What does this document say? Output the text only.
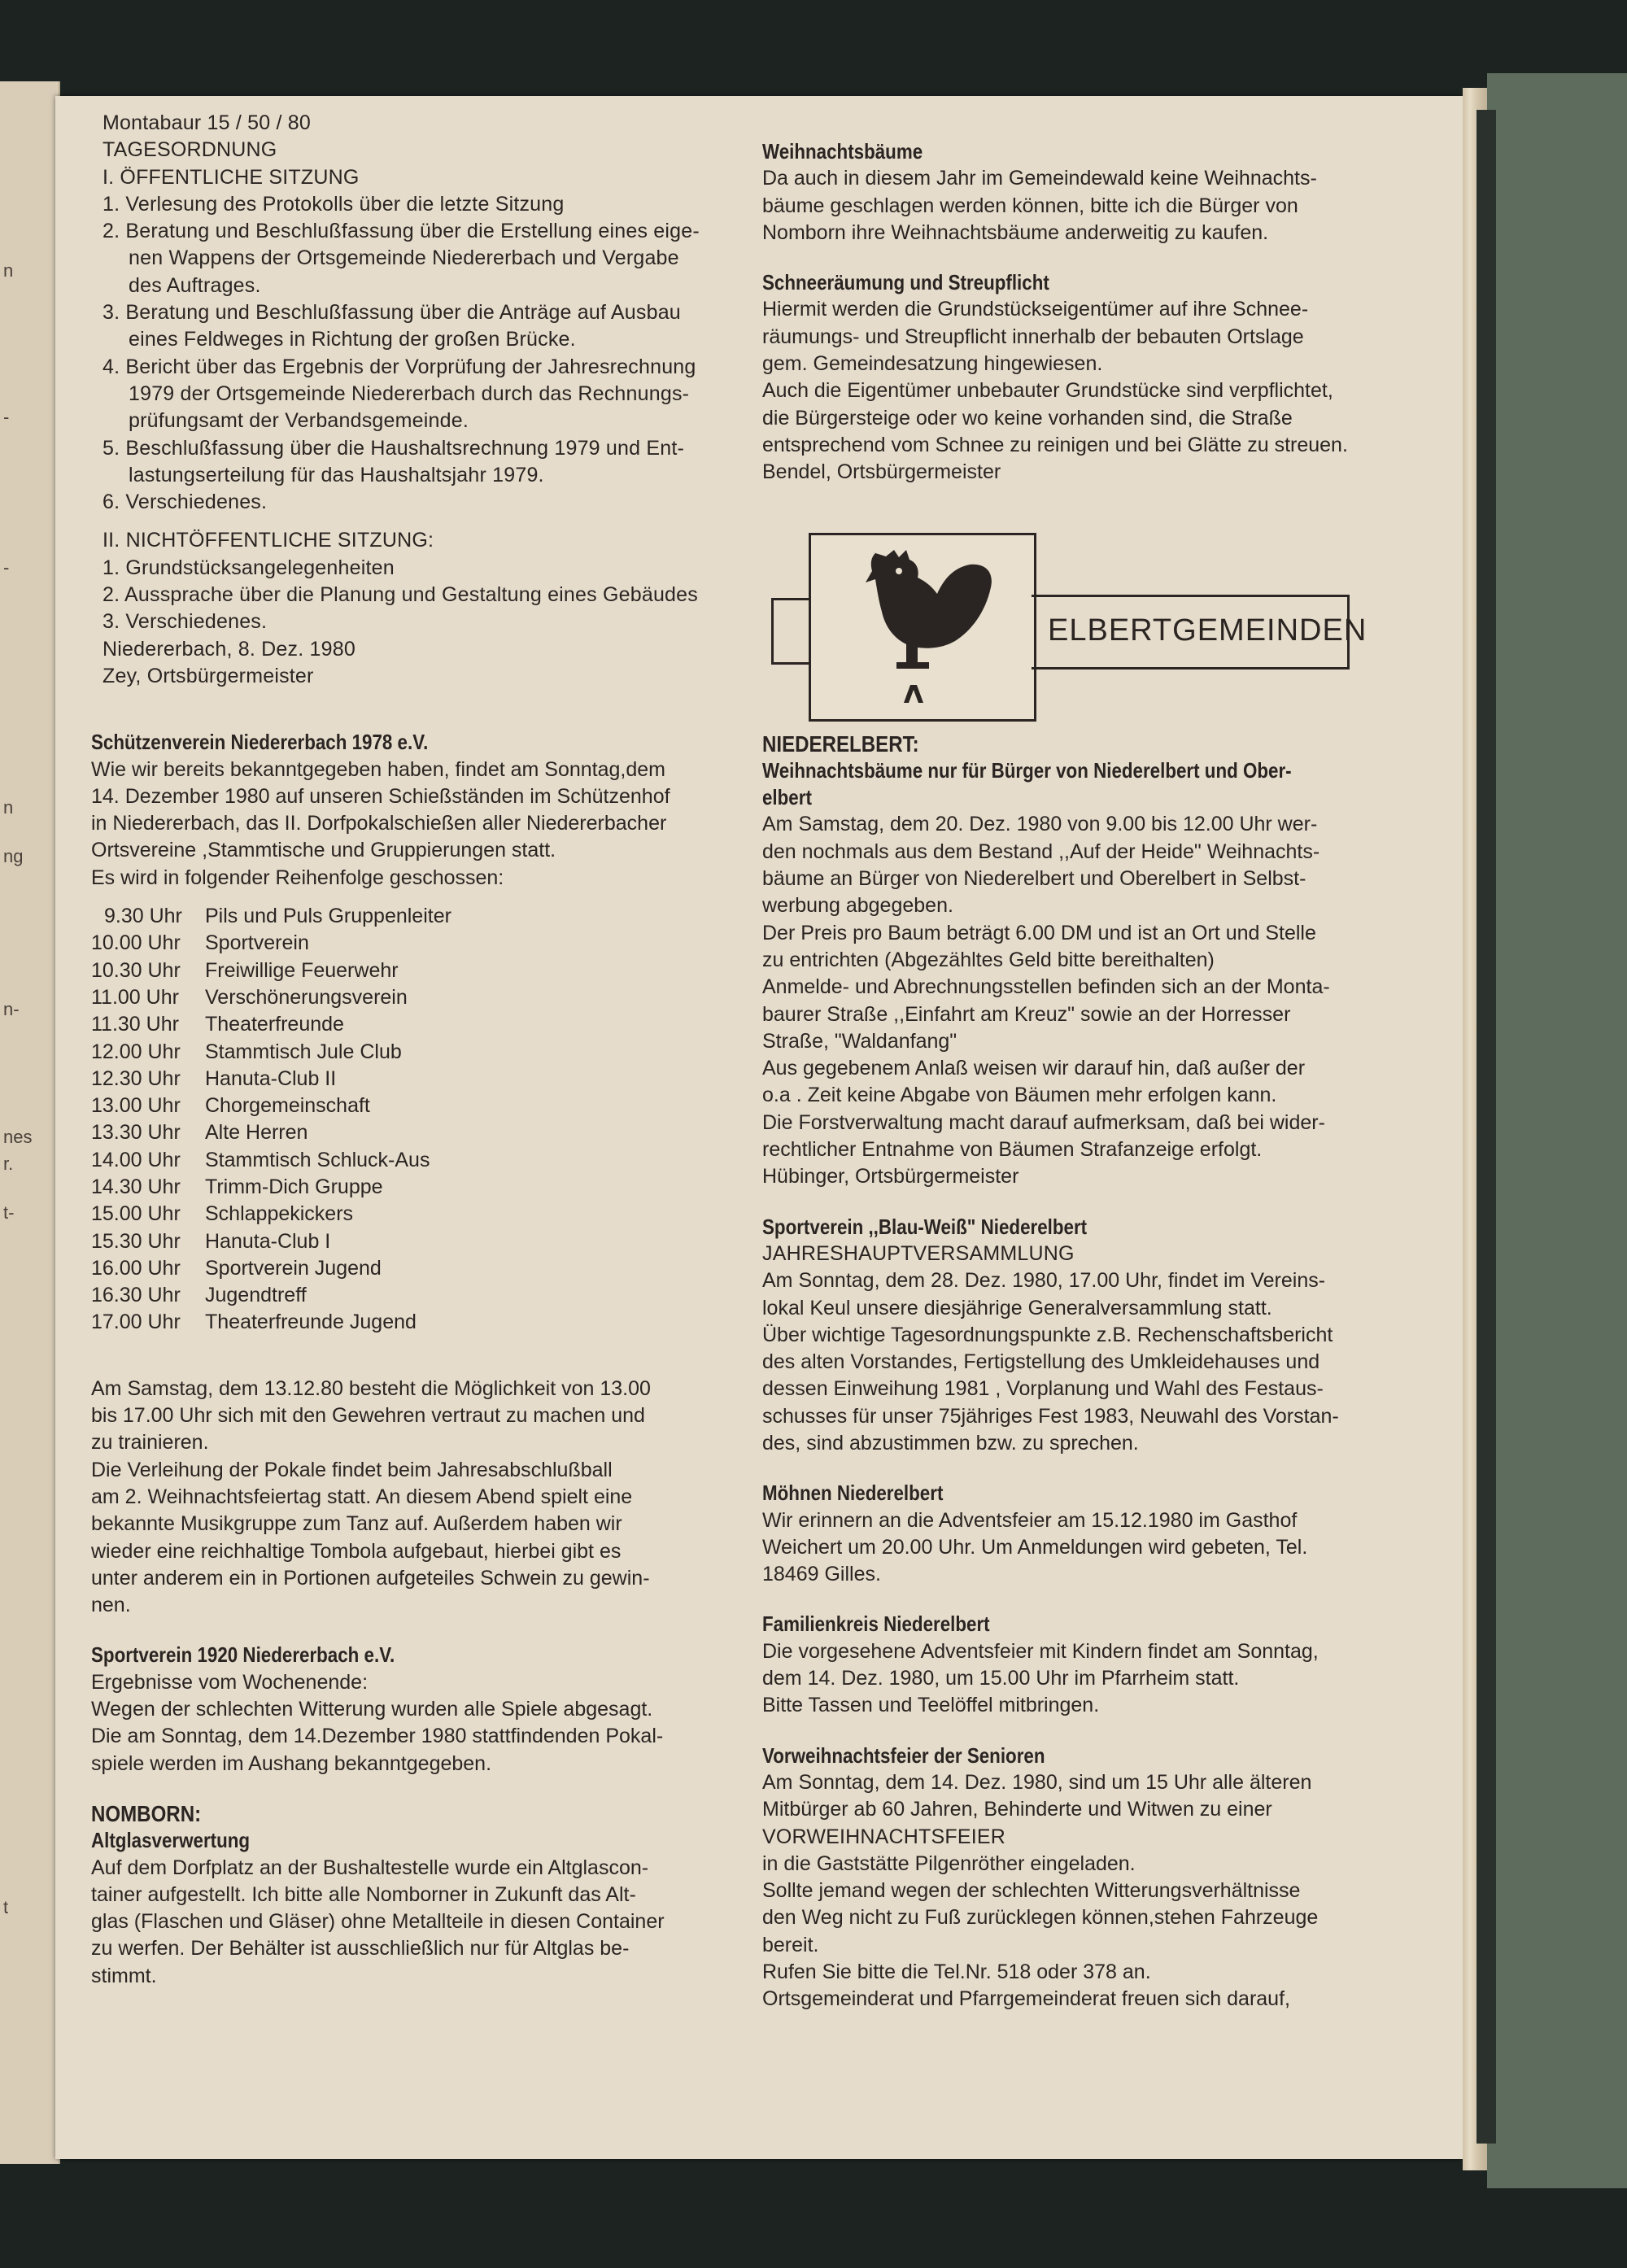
n
-
-
n
ng
n-
nes
r.
t-
t
Montabaur 15 / 50 / 80
TAGESORDNUNG
I. ÖFFENTLICHE SITZUNG
1. Verlesung des Protokolls über die letzte Sitzung
2. Beratung und Beschlußfassung über die Erstellung eines eige-
nen Wappens der Ortsgemeinde Niedererbach und Vergabe
des Auftrages.
3. Beratung und Beschlußfassung über die Anträge auf Ausbau
eines Feldweges in Richtung der großen Brücke.
4. Bericht über das Ergebnis der Vorprüfung der Jahresrechnung
1979 der Ortsgemeinde Niedererbach durch das Rechnungs-
prüfungsamt der Verbandsgemeinde.
5. Beschlußfassung über die Haushaltsrechnung 1979 und Ent-
lastungserteilung für das Haushaltsjahr 1979.
6. Verschiedenes.
II. NICHTÖFFENTLICHE SITZUNG:
1. Grundstücksangelegenheiten
2. Aussprache über die Planung und Gestaltung eines Gebäudes
3. Verschiedenes.
Niedererbach, 8. Dez. 1980
Zey, Ortsbürgermeister
Schützenverein Niedererbach 1978 e.V.
Wie wir bereits bekanntgegeben haben, findet am Sonntag,dem
14. Dezember 1980 auf unseren Schießständen im Schützenhof
in Niedererbach, das II. Dorfpokalschießen aller Niedererbacher
Ortsvereine ,Stammtische und Gruppierungen statt.
Es wird in folgender Reihenfolge geschossen:
9.30 Uhr Pils und Puls Gruppenleiter
10.00 Uhr Sportverein
10.30 Uhr Freiwillige Feuerwehr
11.00 Uhr Verschönerungsverein
11.30 Uhr Theaterfreunde
12.00 Uhr Stammtisch Jule Club
12.30 Uhr Hanuta-Club II
13.00 Uhr Chorgemeinschaft
13.30 Uhr Alte Herren
14.00 Uhr Stammtisch Schluck-Aus
14.30 Uhr Trimm-Dich Gruppe
15.00 Uhr Schlappekickers
15.30 Uhr Hanuta-Club I
16.00 Uhr Sportverein Jugend
16.30 Uhr Jugendtreff
17.00 Uhr Theaterfreunde Jugend
Am Samstag, dem 13.12.80 besteht die Möglichkeit von 13.00
bis 17.00 Uhr sich mit den Gewehren vertraut zu machen und
zu trainieren.
Die Verleihung der Pokale findet beim Jahresabschlußball
am 2. Weihnachtsfeiertag statt. An diesem Abend spielt eine
bekannte Musikgruppe zum Tanz auf. Außerdem haben wir
wieder eine reichhaltige Tombola aufgebaut, hierbei gibt es
unter anderem ein in Portionen aufgeteiles Schwein zu gewin-
nen.
Sportverein 1920 Niedererbach e.V.
Ergebnisse vom Wochenende:
Wegen der schlechten Witterung wurden alle Spiele abgesagt.
Die am Sonntag, dem 14.Dezember 1980 stattfindenden Pokal-
spiele werden im Aushang bekanntgegeben.
NOMBORN:
Altglasverwertung
Auf dem Dorfplatz an der Bushaltestelle wurde ein Altglascon-
tainer aufgestellt. Ich bitte alle Nomborner in Zukunft das Alt-
glas (Flaschen und Gläser) ohne Metallteile in diesen Container
zu werfen. Der Behälter ist ausschließlich nur für Altglas be-
stimmt.
Weihnachtsbäume
Da auch in diesem Jahr im Gemeindewald keine Weihnachts-
bäume geschlagen werden können, bitte ich die Bürger von
Nomborn ihre Weihnachtsbäume anderweitig zu kaufen.
Schneeräumung und Streupflicht
Hiermit werden die Grundstückseigentümer auf ihre Schnee-
räumungs- und Streupflicht innerhalb der bebauten Ortslage
gem. Gemeindesatzung hingewiesen.
Auch die Eigentümer unbebauter Grundstücke sind verpflichtet,
die Bürgersteige oder wo keine vorhanden sind, die Straße
entsprechend vom Schnee zu reinigen und bei Glätte zu streuen.
Bendel, Ortsbürgermeister
NIEDERELBERT:
Weihnachtsbäume nur für Bürger von Niederelbert und Ober-
elbert
Am Samstag, dem 20. Dez. 1980 von 9.00 bis 12.00 Uhr wer-
den nochmals aus dem Bestand ,,Auf der Heide" Weihnachts-
bäume an Bürger von Niederelbert und Oberelbert in Selbst-
werbung abgegeben.
Der Preis pro Baum beträgt 6.00 DM und ist an Ort und Stelle
zu entrichten (Abgezähltes Geld bitte bereithalten)
Anmelde- und Abrechnungsstellen befinden sich an der Monta-
baurer Straße ,,Einfahrt am Kreuz" sowie an der Horresser
Straße, "Waldanfang"
Aus gegebenem Anlaß weisen wir darauf hin, daß außer der
o.a . Zeit keine Abgabe von Bäumen mehr erfolgen kann.
Die Forstverwaltung macht darauf aufmerksam, daß bei wider-
rechtlicher Entnahme von Bäumen Strafanzeige erfolgt.
Hübinger, Ortsbürgermeister
Sportverein ,,Blau-Weiß" Niederelbert
JAHRESHAUPTVERSAMMLUNG
Am Sonntag, dem 28. Dez. 1980, 17.00 Uhr, findet im Vereins-
lokal Keul unsere diesjährige Generalversammlung statt.
Über wichtige Tagesordnungspunkte z.B. Rechenschaftsbericht
des alten Vorstandes, Fertigstellung des Umkleidehauses und
dessen Einweihung 1981 , Vorplanung und Wahl des Festaus-
schusses für unser 75jähriges Fest 1983, Neuwahl des Vorstan-
des, sind abzustimmen bzw. zu sprechen.
Möhnen Niederelbert
Wir erinnern an die Adventsfeier am 15.12.1980 im Gasthof
Weichert um 20.00 Uhr. Um Anmeldungen wird gebeten, Tel.
18469 Gilles.
Familienkreis Niederelbert
Die vorgesehene Adventsfeier mit Kindern findet am Sonntag,
dem 14. Dez. 1980, um 15.00 Uhr im Pfarrheim statt.
Bitte Tassen und Teelöffel mitbringen.
Vorweihnachtsfeier der Senioren
Am Sonntag, dem 14. Dez. 1980, sind um 15 Uhr alle älteren
Mitbürger ab 60 Jahren, Behinderte und Witwen zu einer
VORWEIHNACHTSFEIER
in die Gaststätte Pilgenröther eingeladen.
Sollte jemand wegen der schlechten Witterungsverhältnisse
den Weg nicht zu Fuß zurücklegen können,stehen Fahrzeuge
bereit.
Rufen Sie bitte die Tel.Nr. 518 oder 378 an.
Ortsgemeinderat und Pfarrgemeinderat freuen sich darauf,
ELBERTGEMEINDEN
